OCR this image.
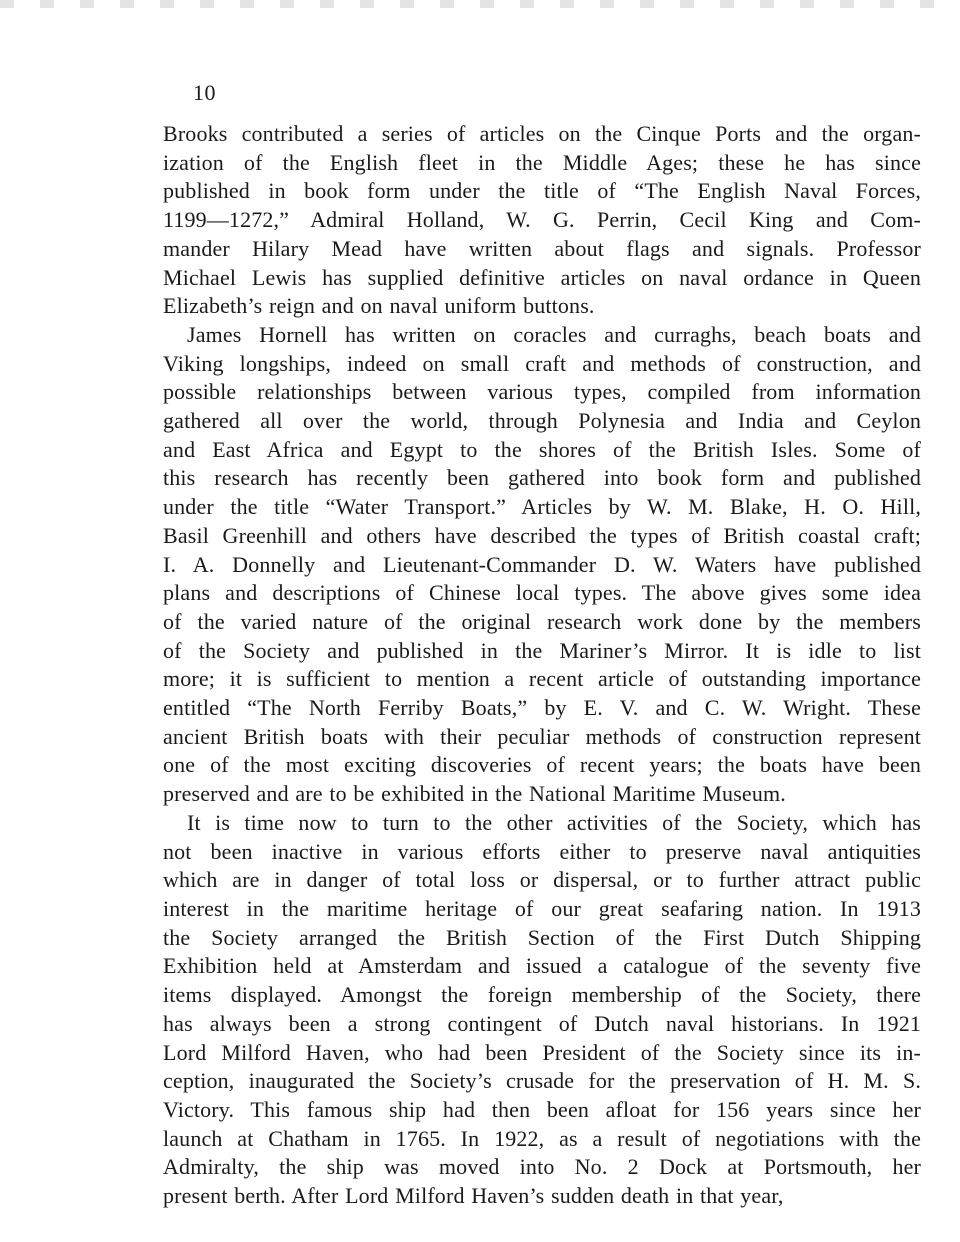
10

Brooks contributed a series of articles on the Cinque Ports and the organ-
ization of the English fleet in the Middle Ages; these he has since
published in book form under the title of “The English Naval Forces,
1199—1272,” Admiral Holland, W. G. Perrin, Cecil King and Com-
mander Hilary Mead have written about flags and signals. Professor
Michael Lewis has supplied definitive articles on naval ordance in Queen
Elizabeth’s reign and on naval uniform buttons.

James Hornell has written on coracles and curraghs, beach boats and
Viking longships, indeed on small craft and methods of construction, and
possible relationships between various types, compiled from information
gathered all over the world, through Polynesia and India and Ceylon
and East Africa and Egypt to the shores of the British Isles. Some of
this research has recently been gathered into book form and published
under the title “Water Transport.” Articles by W. M. Blake, H. O. Hill,
Basil Greenhill and others have described the types of British coastal craft;
I. A. Donnelly and Lieutenant-Commander D. W. Waters have published
plans and descriptions of Chinese local types. The above gives some idea
of the varied nature of the original research work done by the members
of the Society and published in the Mariner’s Mirror. It is idle to list
more; it is sufficient to mention a recent article of outstanding importance
entitled “The North Ferriby Boats,” by E. V. and C. W. Wright. These
ancient British boats with their peculiar methods of construction represent
one of the most exciting discoveries of recent years; the boats have been
preserved and are to be exhibited in the National Maritime Museum.

It is time now to turn to the other activities of the Society, which has
not been inactive in various efforts either to preserve naval antiquities
which are in danger of total loss or dispersal, or to further attract public
interest in the maritime heritage of our great seafaring nation. In 1913
the Society arranged the British Section of the First Dutch Shipping
Exhibition held at Amsterdam and issued a catalogue of the seventy five
items displayed. Amongst the foreign membership of the Society, there
has always been a strong contingent of Dutch naval historians. In 1921
Lord Milford Haven, who had been President of the Society since its in-
ception, inaugurated the Society’s crusade for the preservation of H. M. S.
Victory. This famous ship had then been afloat for 156 years since her
launch at Chatham in 1765. In 1922, as a result of negotiations with the
Admiralty, the ship was moved into No. 2 Dock at Portsmouth, her
present berth. After Lord Milford Haven’s sudden death in that year,
